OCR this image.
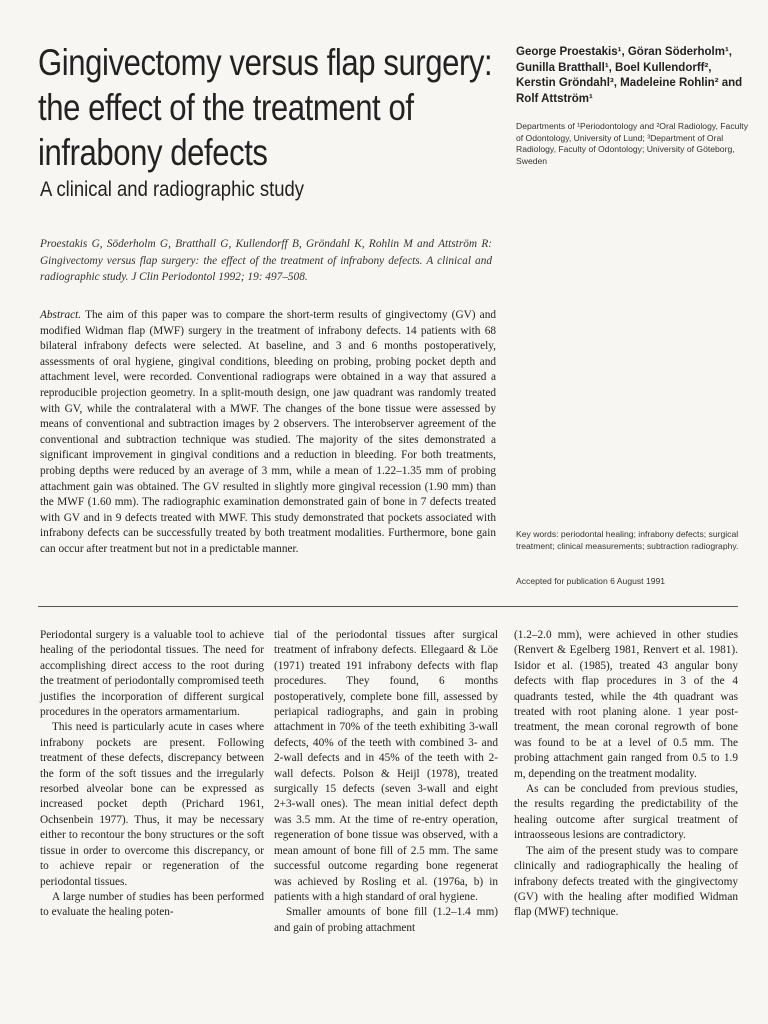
Gingivectomy versus flap surgery:
the effect of the treatment of
infrabony defects
A clinical and radiographic study
George Proestakis¹, Göran Söderholm¹, Gunilla Bratthall¹, Boel Kullendorff², Kerstin Gröndahl³, Madeleine Rohlin² and Rolf Attström¹
Departments of ¹Periodontology and ²Oral Radiology, Faculty of Odontology, University of Lund; ³Department of Oral Radiology, Faculty of Odontology; University of Göteborg, Sweden
Proestakis G, Söderholm G, Bratthall G, Kullendorff B, Gröndahl K, Rohlin M and Attström R: Gingivectomy versus flap surgery: the effect of the treatment of infrabony defects. A clinical and radiographic study. J Clin Periodontol 1992; 19: 497–508.
Abstract. The aim of this paper was to compare the short-term results of gingivectomy (GV) and modified Widman flap (MWF) surgery in the treatment of infrabony defects. 14 patients with 68 bilateral infrabony defects were selected. At baseline, and 3 and 6 months postoperatively, assessments of oral hygiene, gingival conditions, bleeding on probing, probing pocket depth and attachment level, were recorded. Conventional radiograps were obtained in a way that assured a reproducible projection geometry. In a split-mouth design, one jaw quadrant was randomly treated with GV, while the contralateral with a MWF. The changes of the bone tissue were assessed by means of conventional and subtraction images by 2 observers. The interobserver agreement of the conventional and subtraction technique was studied. The majority of the sites demonstrated a significant improvement in gingival conditions and a reduction in bleeding. For both treatments, probing depths were reduced by an average of 3 mm, while a mean of 1.22–1.35 mm of probing attachment gain was obtained. The GV resulted in slightly more gingival recession (1.90 mm) than the MWF (1.60 mm). The radiographic examination demonstrated gain of bone in 7 defects treated with GV and in 9 defects treated with MWF. This study demonstrated that pockets associated with infrabony defects can be successfully treated by both treatment modalities. Furthermore, bone gain can occur after treatment but not in a predictable manner.
Key words: periodontal healing; infrabony defects; surgical treatment; clinical measurements; subtraction radiography.
Accepted for publication 6 August 1991

Periodontal surgery is a valuable tool to achieve healing of the periodontal tissues. The need for accomplishing direct access to the root during the treatment of periodontally compromised teeth justifies the incorporation of different surgical procedures in the operators armamentarium.

This need is particularly acute in cases where infrabony pockets are present. Following treatment of these defects, discrepancy between the form of the soft tissues and the irregularly resorbed alveolar bone can be expressed as increased pocket depth (Prichard 1961, Ochsenbein 1977). Thus, it may be necessary either to recontour the bony structures or the soft tissue in order to overcome this discrepancy, or to achieve repair or regeneration of the periodontal tissues.

A large number of studies has been performed to evaluate the healing poten-

tial of the periodontal tissues after surgical treatment of infrabony defects. Ellegaard & Löe (1971) treated 191 infrabony defects with flap procedures. They found, 6 months postoperatively, complete bone fill, assessed by periapical radiographs, and gain in probing attachment in 70% of the teeth exhibiting 3-wall defects, 40% of the teeth with combined 3- and 2-wall defects and in 45% of the teeth with 2-wall defects. Polson & Heijl (1978), treated surgically 15 defects (seven 3-wall and eight 2+3-wall ones). The mean initial defect depth was 3.5 mm. At the time of re-entry operation, regeneration of bone tissue was observed, with a mean amount of bone fill of 2.5 mm. The same successful outcome regarding bone regenerat was achieved by Rosling et al. (1976a, b) in patients with a high standard of oral hygiene.

Smaller amounts of bone fill (1.2–1.4 mm) and gain of probing attachment

(1.2–2.0 mm), were achieved in other studies (Renvert & Egelberg 1981, Renvert et al. 1981). Isidor et al. (1985), treated 43 angular bony defects with flap procedures in 3 of the 4 quadrants tested, while the 4th quadrant was treated with root planing alone. 1 year post-treatment, the mean coronal regrowth of bone was found to be at a level of 0.5 mm. The probing attachment gain ranged from 0.5 to 1.9 m, depending on the treatment modality.

As can be concluded from previous studies, the results regarding the predictability of the healing outcome after surgical treatment of intraosseous lesions are contradictory.

The aim of the present study was to compare clinically and radiographically the healing of infrabony defects treated with the gingivectomy (GV) with the healing after modified Widman flap (MWF) technique.
